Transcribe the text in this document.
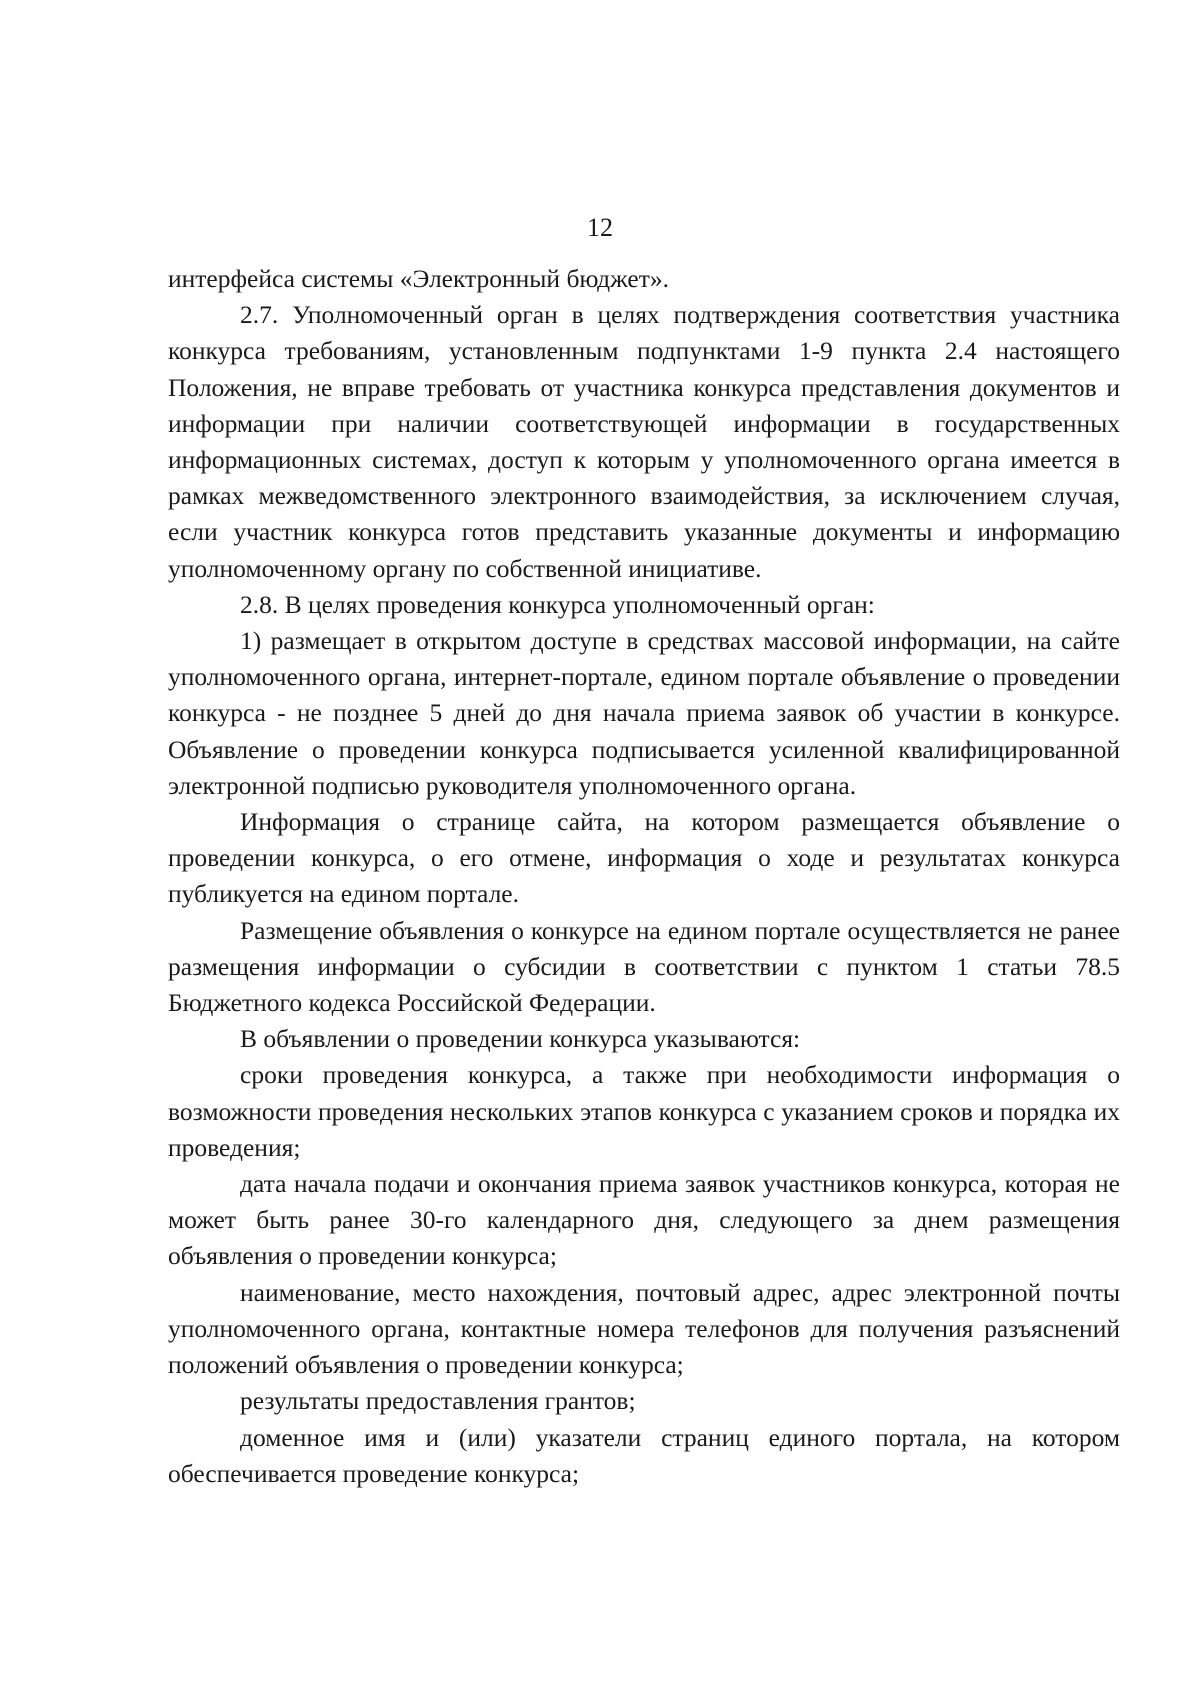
12

интерфейса системы «Электронный бюджет».

2.7. Уполномоченный орган в целях подтверждения соответствия участника конкурса требованиям, установленным подпунктами 1-9 пункта 2.4 настоящего Положения, не вправе требовать от участника конкурса представления документов и информации при наличии соответствующей информации в государственных информационных системах, доступ к которым у уполномоченного органа имеется в рамках межведомственного электронного взаимодействия, за исключением случая, если участник конкурса готов представить указанные документы и информацию уполномоченному органу по собственной инициативе.

2.8. В целях проведения конкурса уполномоченный орган:

1) размещает в открытом доступе в средствах массовой информации, на сайте уполномоченного органа, интернет-портале, едином портале объявление о проведении конкурса - не позднее 5 дней до дня начала приема заявок об участии в конкурсе. Объявление о проведении конкурса подписывается усиленной квалифицированной электронной подписью руководителя уполномоченного органа.

Информация о странице сайта, на котором размещается объявление о проведении конкурса, о его отмене, информация о ходе и результатах конкурса публикуется на едином портале.

Размещение объявления о конкурсе на едином портале осуществляется не ранее размещения информации о субсидии в соответствии с пунктом 1 статьи 78.5 Бюджетного кодекса Российской Федерации.

В объявлении о проведении конкурса указываются:

сроки проведения конкурса, а также при необходимости информация о возможности проведения нескольких этапов конкурса с указанием сроков и порядка их проведения;

дата начала подачи и окончания приема заявок участников конкурса, которая не может быть ранее 30-го календарного дня, следующего за днем размещения объявления о проведении конкурса;

наименование, место нахождения, почтовый адрес, адрес электронной почты уполномоченного органа, контактные номера телефонов для получения разъяснений положений объявления о проведении конкурса;

результаты предоставления грантов;

доменное имя и (или) указатели страниц единого портала, на котором обеспечивается проведение конкурса;
